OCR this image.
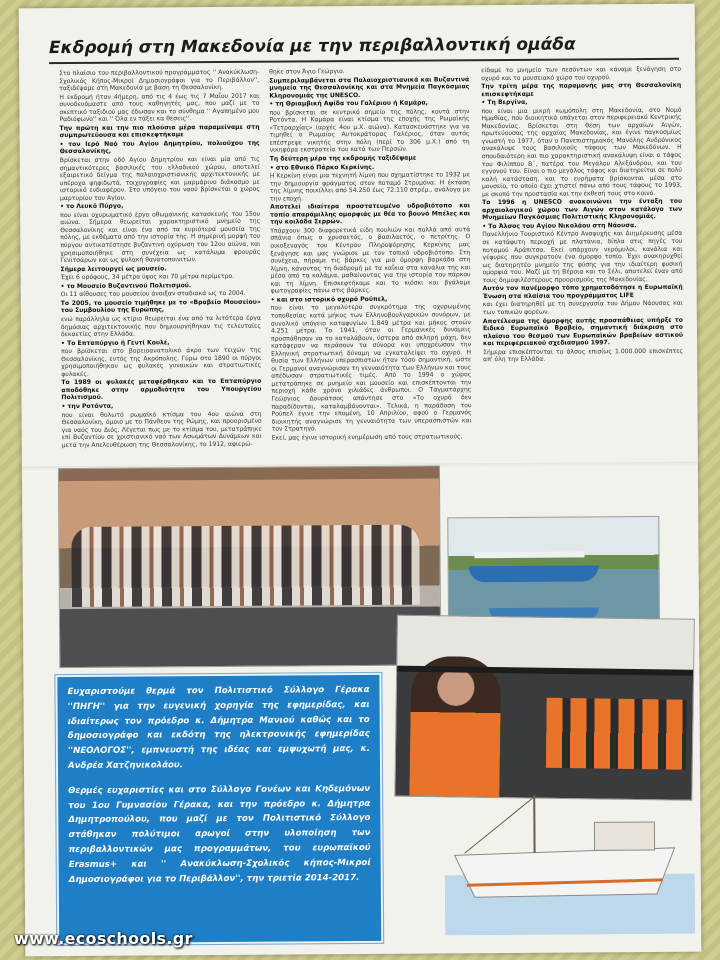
Εκδρομή στη Μακεδονία με την περιβαλλοντική ομάδα

Στο πλαίσιο του περιβαλλοντικού προγράμματος '' Ανακύκλωση-Σχολικός Κήπος-Μικροί Δημοσιογράφοι για το Περιβάλλον'', ταξιδέψαμε στη Μακεδονία με βάση τη Θεσσαλονίκη.

Η εκδρομή ήταν 4ήμερη, από τις 4 έως τις 7 Μαΐου 2017 και συνοδευόμαστε από τους καθηγητές μας, που μαζί με το σκεπτικό ταξιδιού μας έδωσαν και το σύνθημα '' Αγαπημένο μου Ραδιόφωνο'' και '' Όλα εν τάξει κα θέσεις''.

Την πρώτη και την πιο πλούσια μέρα παραμείναμε στη συμπρωτεύουσα και επισκεφτήκαμε

• τον Ιερό Ναό του Αγίου Δημητρίου, πολιούχου της Θεσσαλονίκης,

Βρίσκεται στην οδό Αγίου Δημητρίου και είναι μία από τις σημαντικότερες βασιλικές του ελλαδικού χώρου, αποτελεί εξαιρετικό δείγμα της παλαιοχριστιανικής αρχιτεκτονικής με υπέροχα ψηφιδωτά, τοιχογραφίες και μαρμάρινο διάκοσμο με ιστορικό ενδιαφέρον. Στο υπόγειο του ναού βρίσκεται ο χώρος μαρτυρίου του Αγίου.

• το Λευκό Πύργο,

που είναι οχυρωματικό έργο οθωμανικής κατασκευής του 15ου αιώνα. Σήμερα θεωρείται χαρακτηριστικό μνημείο της Θεσσαλονίκης και είναι ένα από τα κυριότερα μουσεία της πόλης, με εκθέματα από την ιστορία της. Η σημερινή μορφή του πύργου αντικατέστησε βυζαντινή οχύρωση του 12ου αιώνα, και χρησιμοποιήθηκε στη συνέχεια ως κατάλυμα φρουράς Γενιτσάρων και ως φυλακή θανατοποινιτών.

Σήμερα λειτουργεί ως μουσείο.

Έχει 6 ορόφους, 34 μέτρα ύψος και 70 μέτρα περίμετρο.

• το Μουσείο Βυζαντινού Πολιτισμού.

Οι 11 αίθουσες του μουσείου άνοιξαν σταδιακά ως το 2004.

Το 2005, το μουσείο τιμήθηκε με το «Βραβείο Μουσείου» του Συμβουλίου της Ευρώπης,

ενώ παράλληλα ως κτίριο θεωρείται ένα από τα λιτότερα έργα δημόσιας αρχιτεκτονικής που δημιουργήθηκαν τις τελευταίες δεκαετίες στην Ελλάδα.

• Το Επταπύργιο ή Γεντί Κουλέ,

που βρίσκεται στο βορειοανατολικό άκρο των τειχών της Θεσσαλονίκης, εντός της Ακρόπολης. Γύρω στο 1890 οι πύργοι χρησιμοποιήθηκαν ως φυλακές γυναικών και στρατιωτικές φυλακές.

Το 1989 οι φυλακές μεταφέρθηκαν και το Επταπύργιο αποδόθηκε στην αρμοδιότητα του Υπουργείου Πολιτισμού.

• την Ροτόντα,

που είναι θολωτό ρωμαϊκό κτίσμα του 4ου αιώνα στη Θεσσαλονίκη, όμοιο με το Πάνθεον της Ρώμης, και προορισμένο για ναός του Διός. Λέγεται πως με το κτίσμα του, μετατράπηκε επί Βυζαντίου σε χριστιανικό ναό των Ασωμάτων Δυνάμεων και μετά την Απελευθέρωση της Θεσσαλονίκης, το 1912, αφιερώ-

θηκε στον Άγιο Γεώργιο.

Συμπεριλαμβάνεται στα Παλαιοχριστιανικά και Βυζαντινά μνημεία της Θεσσαλονίκης και στα Μνημεία Παγκόσμιας Κληρονομιάς της UNESCO.

• τη Θριαμβική Αψίδα του Γαλέριου ή Καμάρα,

που βρίσκεται σε κεντρικό σημείο της πόλης, κοντά στην Ροτόντα. Η Καμάρα είναι κτίσμα της εποχής της Ρωμαϊκής «Τετραρχίας» (αρχές 4ου μ.Χ. αιώνα). Κατασκευάστηκε για να τιμηθεί ο Ρωμαίος Αυτοκράτορας Γαλέριος, όταν αυτός επέστρεψε νικητής στην πόλη (περί το 306 μ.Χ.) από τη νικηφόρα εκστρατεία του κατά των Περσών.

Τη δεύτερη μέρα της εκδρομής ταξιδέψαμε

• στο Εθνικό Πάρκο Κερκίνης.

Η Κερκίνη είναι μια τεχνητή λίμνη που σχηματίστηκε το 1932 με την δημιουργία φράγματος στον ποταμό Στρυμόνα. Η έκταση της λίμνης ποικίλλει από 54.250 έως 72.110 στρέμ., ανάλογα με την εποχή.

Αποτελεί ιδιαίτερα προστατευμένο υδροβιότοπο και τοπίο απαράμιλλης ομορφιάς με θέα το βουνό Μπέλες και την κοιλάδα Σερρών.

Υπάρχουν 300 διαφορετικά είδη πουλιών και πολλά από αυτά σπάνια όπως ο χρυσαετός, ο βασιλαετός, ο πετρίτης. Ο οικοξεναγός του Κέντρου Πληροφόρησης Κερκίνης μας ξενάγησε και μας γνώρισε με τον τοπικό υδροβιότοπο. Στη συνέχεια, πήραμε τις βάρκες για μια όμορφη βαρκάδα στη λίμνη, κάνοντας τη διαδρομή με τα καΐκια στα κανάλια της και μέσα από τα καλάμια, μαθαίνοντας για την ιστορία του πάρκου και τη λίμνη. Επισκεφτήκαμε και το κιόσκι και βγάλαμε φωτογραφίες πάνω στις βάρκες.

• και στο ιστορικό οχυρό Ρούπελ,

που είναι το μεγαλύτερο συγκρότημα της οχυρωμένης τοποθεσίας κατά μήκος των Ελληνοβουλγαρικών συνόρων, με συνολικό υπόγειο καταφυγίων 1.849 μέτρα και μήκος στοών 4.251 μέτρα. Το 1941, όταν οι Γερμανικές δυνάμεις προσπάθησαν να το καταλάβουν, ύστερα από σκληρή μάχη, δεν κατάφεραν να περάσουν τα σύνορα και υποχρέωσαν την Ελληνική στρατιωτική δύναμη να εγκαταλείψει το οχυρό. Η θυσία των Ελλήνων υπερασπιστών ήταν τόσο σημαντική, ώστε οι Γερμανοί αναγνώρισαν τη γενναιότητα των Ελλήνων και τους απέδωσαν στρατιωτικές τιμές. Από το 1994 ο χώρος μετατράπηκε σε μνημείο και μουσείο και επισκέπτονται την περιοχή κάθε χρόνο χιλιάδες άνθρωποι. Ο Ταγματάρχης Γεώργιος Δουράτσος απάντησε στο «Το οχυρό δεν παραδίδονται, καταλαμβάνονται». Τελικά, η παράδοση του Ρούπελ έγινε την επομένη, 10 Απριλίου, αφού ο Γερμανός διοικητής αναγνώρισε τη γενναιότητα των υπερασπιστών και τον Στρατηγό.

Εκεί, μας έγινε ιστορική ενημέρωση από τους στρατιωτικούς,

είδαμε το μνημείο των πεσόντων και κάναμε ξενάγηση στο οχυρό και το μουσειακό χώρο του οχυρού.

Την τρίτη μέρα της παραμονής μας στη Θεσσαλονίκη επισκεφτήκαμε

• Τη Βεργίνα,

που είναι μια μικρή κωμόπολη στη Μακεδονία, στο Νομό Ημαθίας, που διοικητικά υπάγεται στον περιφερειακό Κεντρικής Μακεδονίας. Βρίσκεται στη θέση των αρχαίων Αιγών, πρωτεύουσας της αρχαίας Μακεδονίας, και έγινε παγκοσμίως γνωστή το 1977, όταν ο Πανεπιστημιακός Μανόλης Ανδρόνικος ανακάλυψε τους βασιλικούς τάφους των Μακεδόνων. Η σπουδαιότερη και πιο χαρακτηριστική ανακάλυψη είναι ο τάφος του Φιλίππου Β΄, πατέρα του Μεγάλου Αλεξάνδρου, και του εγγονού του. Είναι ο πιο μεγάλος τάφος και διατηρείται σε πολύ καλή κατάσταση, και το ευρήματα βρίσκονται μέσα στο μουσείο, το οποίο έχει χτιστεί πάνω από τους τάφους το 1993, με σκοπό την προστασία και την έκθεσή τους στο κοινό.

Το 1996 η UNESCO ανακοινώνει την ένταξη του αρχαιολογικού χώρου των Αιγών στον κατάλογο των Μνημείων Παγκόσμιας Πολιτιστικής Κληρονομιάς.

• Το Άλσος του Αγίου Νικολάου στη Νάουσα.

Πανελλήνιο Τουριστικό Κέντρο Αναψυχής και Διημέρευσης μέσα σε κατάφυτη περιοχή με πλατάνια, δίπλα στις πηγές του ποταμού Αράπιτσα. Εκεί υπάρχουν νερόμυλοι, κανάλια και γέφυρες που συγκροτούν ένα όμορφο τοπίο. Έχει ανακηρυχθεί ως διατηρητέο μνημείο της φύσης για την ιδιαίτερη φυσική ομορφιά του. Μαζί με τη Βέροια και το Σέλι, αποτελεί έναν από τους δημοφιλέστερους προορισμούς της Μακεδονίας.

Αυτόν τον πανέμορφο τόπο χρηματοδότησε η Ευρωπαϊκή Ένωση στα πλαίσια του προγράμματος LIFE

και έχει διατηρηθεί με τη συνεργασία του Δήμου Νάουσας και των τοπικών φορέων.

Αποτέλεσμα της όμορφης αυτής προσπάθειας υπήρξε το Ειδικό Ευρωπαϊκό Βραβείο, σημαντική διάκριση στο πλαίσιο του θεσμού των Ευρωπαϊκών βραβείων αστικού και περιφερειακού σχεδιασμού 1997.

Σήμερα επισκέπτονται το άλσος επισίως 1.000.000 επισκέπτες απ' όλη την Ελλάδα.

Ευχαριστούμε θερμά τον Πολιτιστικό Σύλλογο Γέρακα ''ΠΗΓΗ'' για την ευγενική χορηγία της εφημερίδας, και ιδιαίτερως τον πρόεδρο κ. Δήμητρα Μανιού καθώς και το δημοσιογράφο και εκδότη της ηλεκτρονικής εφημερίδας ''ΝΕΟΛΟΓΟΣ'', εμπνευστή της ιδέας και εμψυχωτή μας, κ. Ανδρέα Χατζηνικολάου.

Θερμές ευχαριστίες και στο Σύλλογο Γονέων και Κηδεμόνων του 1ου Γυμνασίου Γέρακα, και την πρόεδρο κ. Δήμητρα Δημητροπούλου, που μαζί με τον Πολιτιστικό Σύλλογο στάθηκαν πολύτιμοι αρωγοί στην υλοποίηση των περιβαλλοντικών μας προγραμμάτων, του ευρωπαϊκού Erasmus+ και '' Ανακύκλωση-Σχολικός κήπος-Μικροί Δημοσιογράφοι για το Περιβάλλον'', την τριετία 2014-2017.

www.ecoschools.gr
